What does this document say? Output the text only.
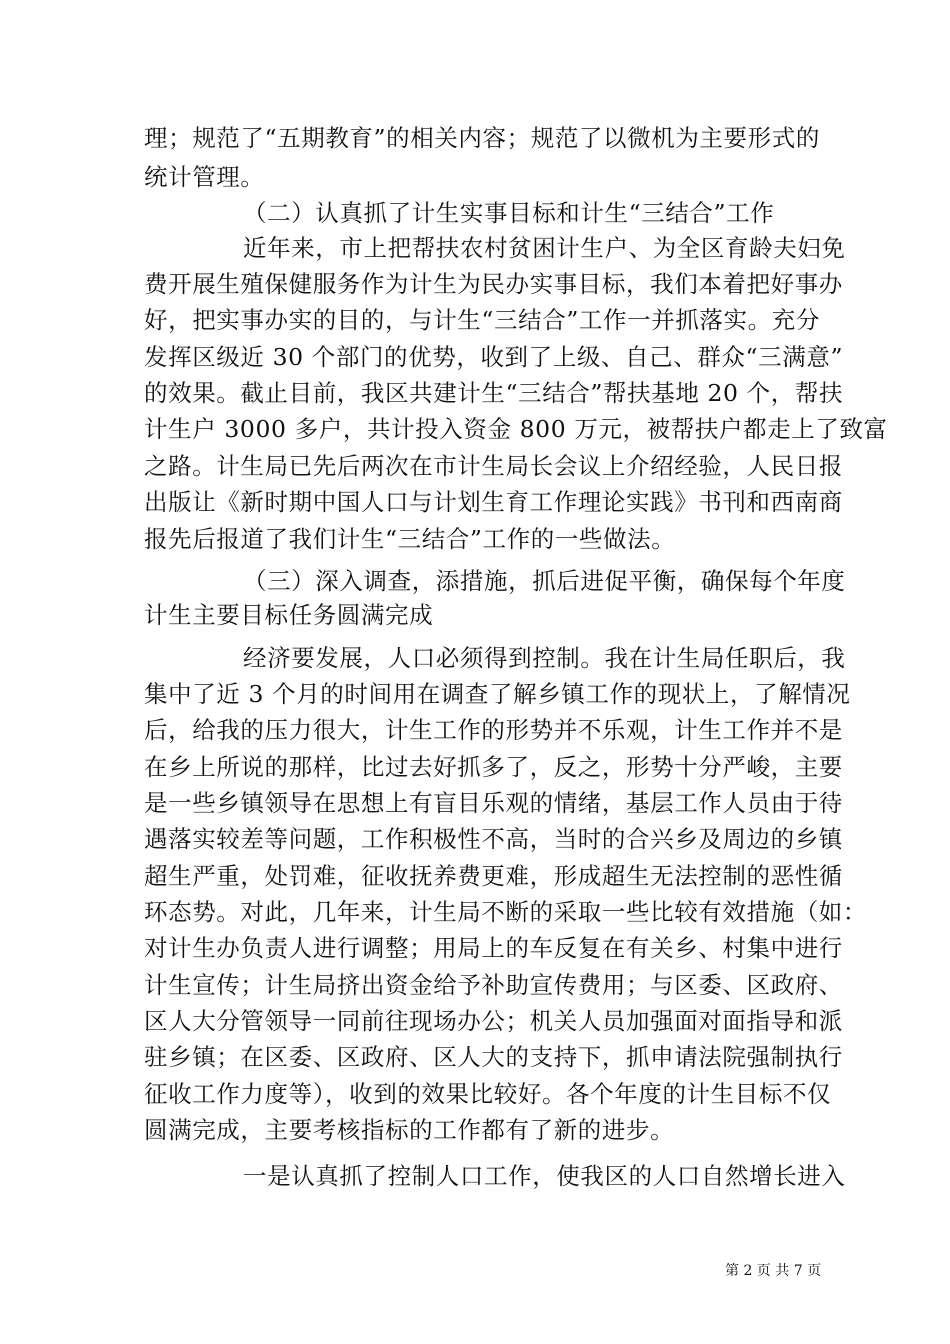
理；规范了“五期教育”的相关内容；规范了以微机为主要形式的
统计管理。
（二）认真抓了计生实事目标和计生“三结合”工作
近年来，市上把帮扶农村贫困计生户、为全区育龄夫妇免
费开展生殖保健服务作为计生为民办实事目标，我们本着把好事办
好，把实事办实的目的，与计生“三结合”工作一并抓落实。充分
发挥区级近 30 个部门的优势，收到了上级、自己、群众“三满意”
的效果。截止目前，我区共建计生“三结合”帮扶基地 20 个，帮扶
计生户 3000 多户，共计投入资金 800 万元，被帮扶户都走上了致富
之路。计生局已先后两次在市计生局长会议上介绍经验，人民日报
出版让《新时期中国人口与计划生育工作理论实践》书刊和西南商
报先后报道了我们计生“三结合”工作的一些做法。
（三）深入调查，添措施，抓后进促平衡，确保每个年度
计生主要目标任务圆满完成
经济要发展，人口必须得到控制。我在计生局任职后，我
集中了近 3 个月的时间用在调查了解乡镇工作的现状上，了解情况
后，给我的压力很大，计生工作的形势并不乐观，计生工作并不是
在乡上所说的那样，比过去好抓多了，反之，形势十分严峻，主要
是一些乡镇领导在思想上有盲目乐观的情绪，基层工作人员由于待
遇落实较差等问题，工作积极性不高，当时的合兴乡及周边的乡镇
超生严重，处罚难，征收抚养费更难，形成超生无法控制的恶性循
环态势。对此，几年来，计生局不断的采取一些比较有效措施（如：
对计生办负责人进行调整；用局上的车反复在有关乡、村集中进行
计生宣传；计生局挤出资金给予补助宣传费用；与区委、区政府、
区人大分管领导一同前往现场办公；机关人员加强面对面指导和派
驻乡镇；在区委、区政府、区人大的支持下，抓申请法院强制执行
征收工作力度等），收到的效果比较好。各个年度的计生目标不仅
圆满完成，主要考核指标的工作都有了新的进步。
一是认真抓了控制人口工作，使我区的人口自然增长进入
第 2 页 共 7 页
